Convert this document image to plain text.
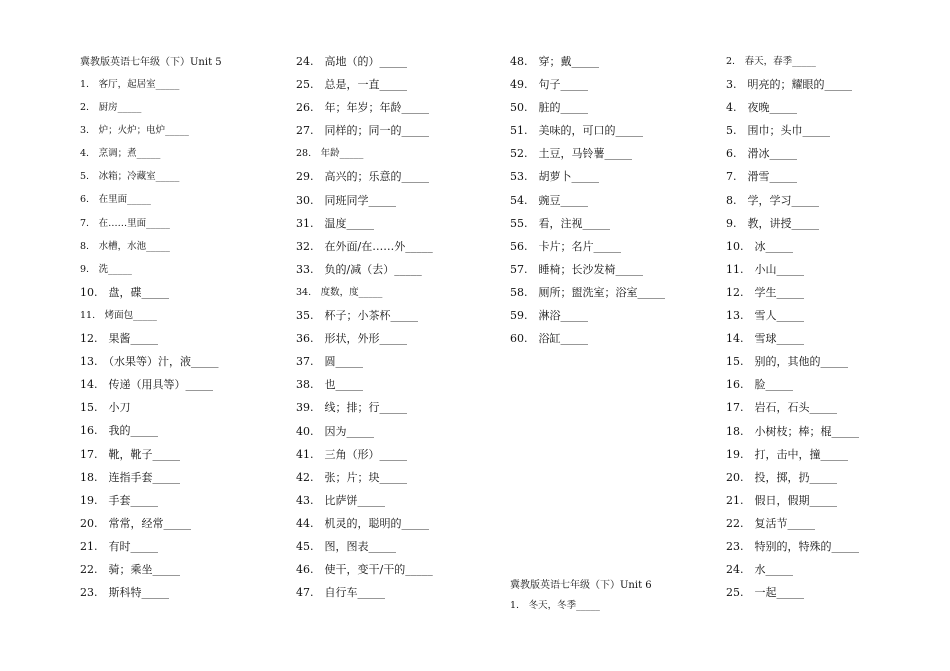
冀教版英语七年级（下）Unit 5
1.　客厅，起居室_____
2.　厨房_____
3.　炉；火炉；电炉_____
4.　烹调；煮_____
5.　冰箱；冷藏室_____
6.　在里面_____
7.　在……里面_____
8.　水槽，水池_____
9.　洗_____
10.　盘，碟_____
11.　烤面包_____
12.　果酱_____
13.　（水果等）汁，液_____
14.　传递（用具等）_____
15.　小刀
16.　我的_____
17.　靴，靴子_____
18.　连指手套_____
19.　手套_____
20.　常常，经常_____
21.　有时_____
22.　骑；乘坐_____
23.　斯科特_____
24.　高地（的）_____
25.　总是，一直_____
26.　年；年岁；年龄_____
27.　同样的；同一的_____
28.　年龄_____
29.　高兴的；乐意的_____
30.　同班同学_____
31.　温度_____
32.　在外面/在……外_____
33.　负的/减（去）_____
34.　度数，度_____
35.　杯子；小茶杯_____
36.　形状，外形_____
37.　圆_____
38.　也_____
39.　线；排；行_____
40.　因为_____
41.　三角（形）_____
42.　张；片；块_____
43.　比萨饼_____
44.　机灵的，聪明的_____
45.　图，图表_____
46.　使干，变干/干的_____
47.　自行车_____
48.　穿；戴_____
49.　句子_____
50.　脏的_____
51.　美味的，可口的_____
52.　土豆，马铃薯_____
53.　胡萝卜_____
54.　豌豆_____
55.　看，注视_____
56.　卡片；名片_____
57.　睡椅；长沙发椅_____
58.　厕所；盥洗室；浴室_____
59.　淋浴_____
60.　浴缸_____
冀教版英语七年级（下）Unit 6
1.　冬天，冬季_____
2.　春天，春季_____
3.　明亮的；耀眼的_____
4.　夜晚_____
5.　围巾；头巾_____
6.　滑冰_____
7.　滑雪_____
8.　学，学习_____
9.　教，讲授_____
10.　冰_____
11.　小山_____
12.　学生_____
13.　雪人_____
14.　雪球_____
15.　别的，其他的_____
16.　脸_____
17.　岩石，石头_____
18.　小树枝；棒；棍_____
19.　打，击中，撞_____
20.　投，掷，扔_____
21.　假日，假期_____
22.　复活节_____
23.　特别的，特殊的_____
24.　水_____
25.　一起_____
